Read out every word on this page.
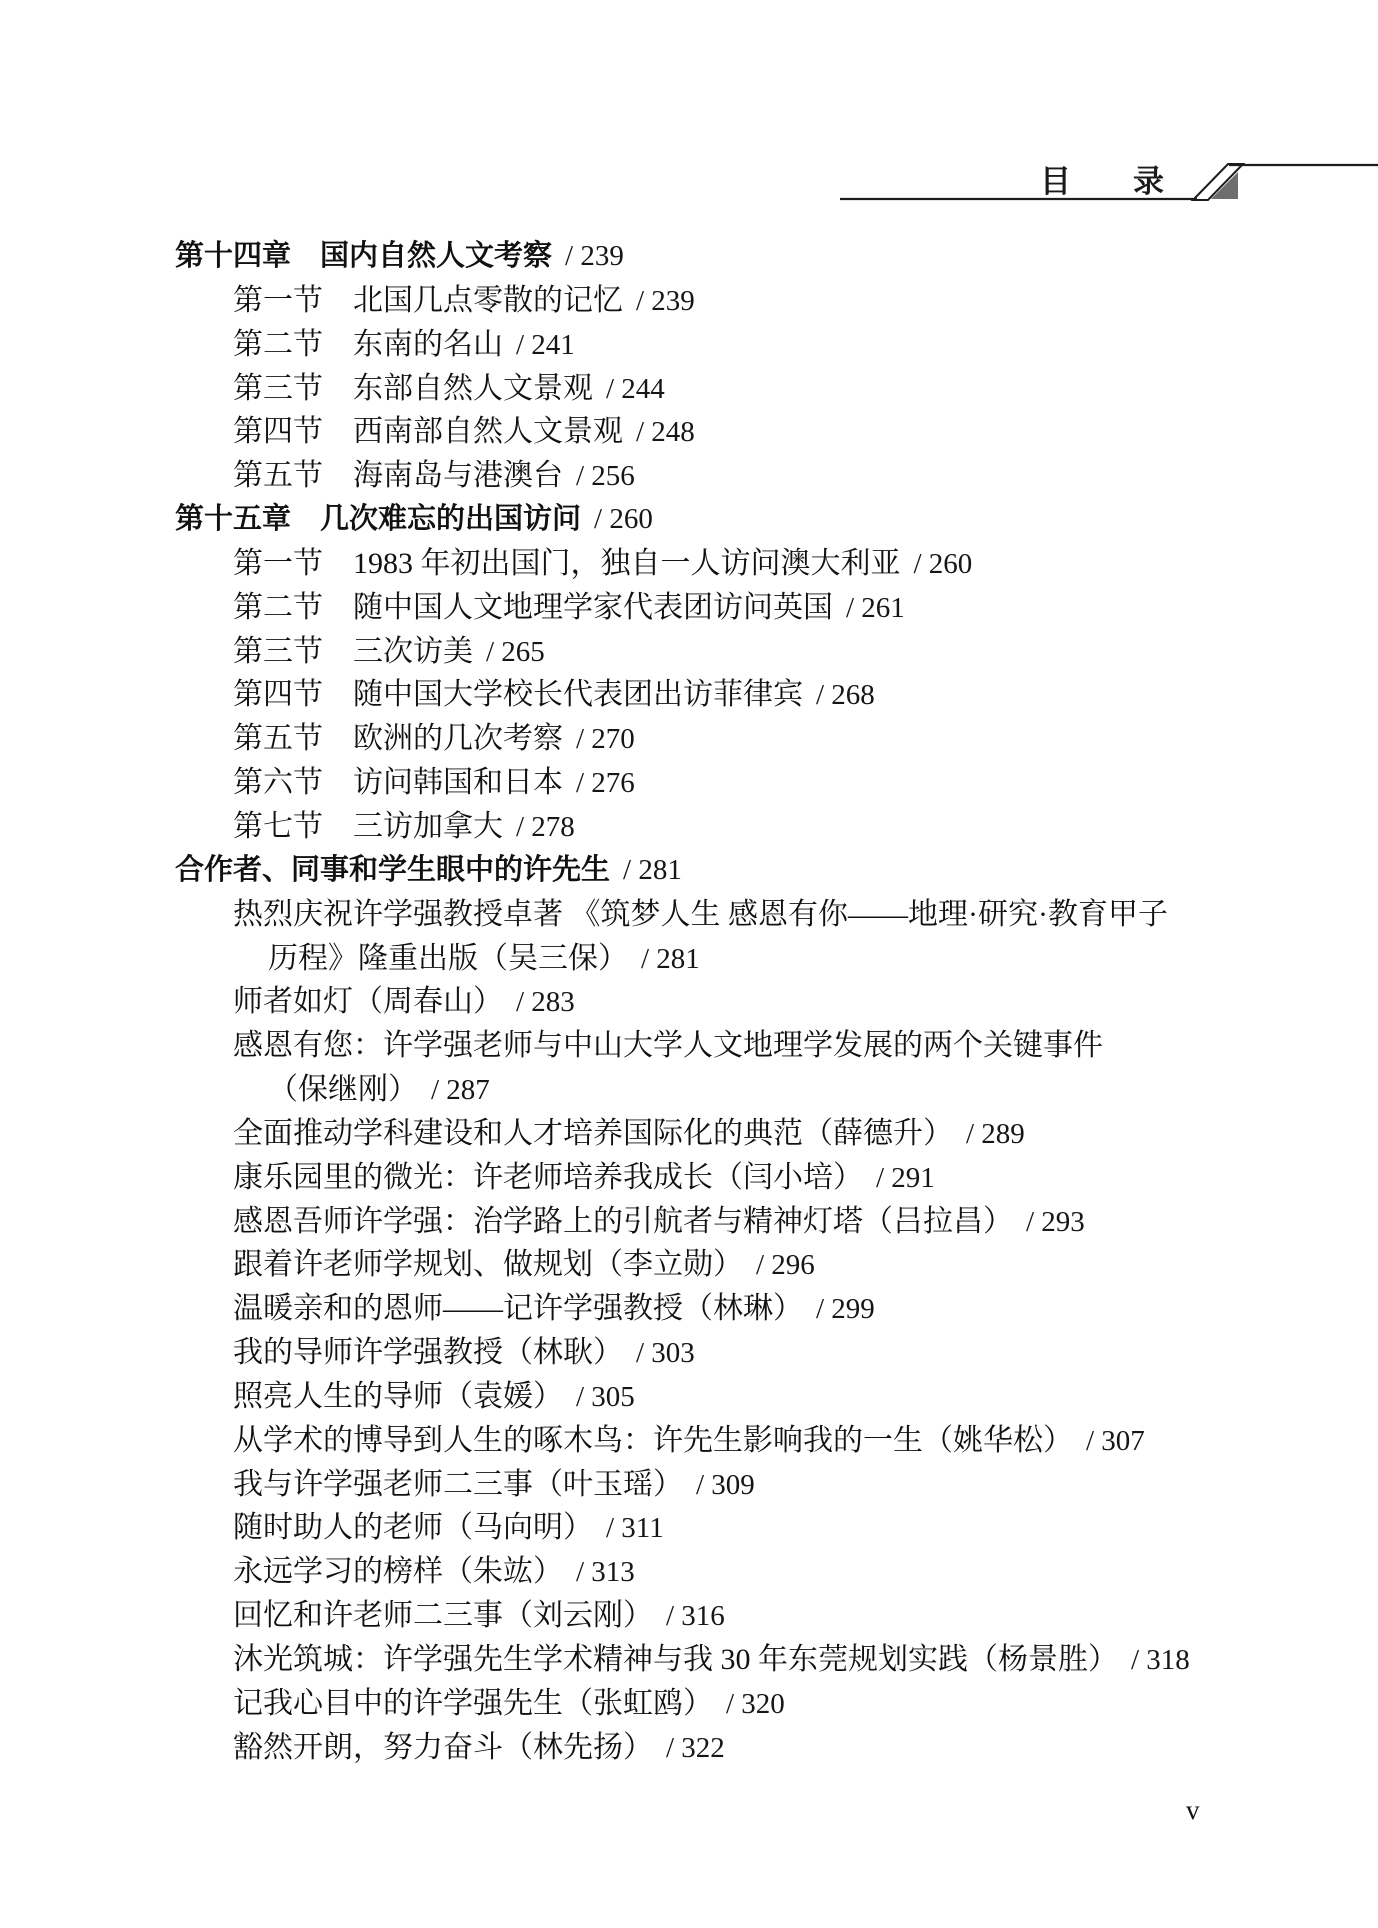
目　　录
第十四章　国内自然人文考察 / 239
第一节　北国几点零散的记忆 / 239
第二节　东南的名山 / 241
第三节　东部自然人文景观 / 244
第四节　西南部自然人文景观 / 248
第五节　海南岛与港澳台 / 256
第十五章　几次难忘的出国访问 / 260
第一节　1983 年初出国门，独自一人访问澳大利亚 / 260
第二节　随中国人文地理学家代表团访问英国 / 261
第三节　三次访美 / 265
第四节　随中国大学校长代表团出访菲律宾 / 268
第五节　欧洲的几次考察 / 270
第六节　访问韩国和日本 / 276
第七节　三访加拿大 / 278
合作者、同事和学生眼中的许先生 / 281
热烈庆祝许学强教授卓著 《筑梦人生 感恩有你——地理·研究·教育甲子
历程》隆重出版（吴三保） / 281
师者如灯（周春山） / 283
感恩有您：许学强老师与中山大学人文地理学发展的两个关键事件
（保继刚） / 287
全面推动学科建设和人才培养国际化的典范（薛德升） / 289
康乐园里的微光：许老师培养我成长（闫小培） / 291
感恩吾师许学强：治学路上的引航者与精神灯塔（吕拉昌） / 293
跟着许老师学规划、做规划（李立勋） / 296
温暖亲和的恩师——记许学强教授（林琳） / 299
我的导师许学强教授（林耿） / 303
照亮人生的导师（袁媛） / 305
从学术的博导到人生的啄木鸟：许先生影响我的一生（姚华松） / 307
我与许学强老师二三事（叶玉瑶） / 309
随时助人的老师（马向明） / 311
永远学习的榜样（朱竑） / 313
回忆和许老师二三事（刘云刚） / 316
沐光筑城：许学强先生学术精神与我 30 年东莞规划实践（杨景胜） / 318
记我心目中的许学强先生（张虹鸥） / 320
豁然开朗，努力奋斗（林先扬） / 322
v
